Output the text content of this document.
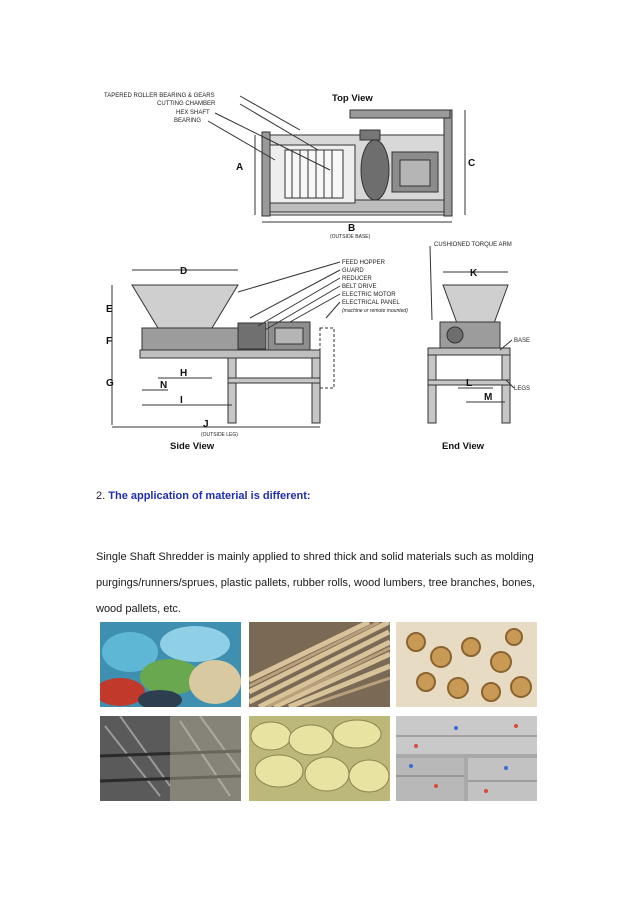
Top View
TAPERED ROLLER BEARING & GEARS
CUTTING CHAMBER
HEX SHAFT
BEARING
A
B
(OUTSIDE BASE)
C
D
E
F
G
H
N
I
J
(OUTSIDE LEG)
Side View
FEED HOPPER
GUARD
REDUCER
BELT DRIVE
ELECTRIC MOTOR
ELECTRICAL PANEL
(machine or remote mounted)
CUSHIONED TORQUE ARM
K
BASE
L
M
LEGS
End View
2. The application of material is different:
Single Shaft Shredder is mainly applied to shred thick and solid materials such as molding
purgings/runners/sprues, plastic pallets, rubber rolls, wood lumbers, tree branches, bones,
wood pallets, etc.
